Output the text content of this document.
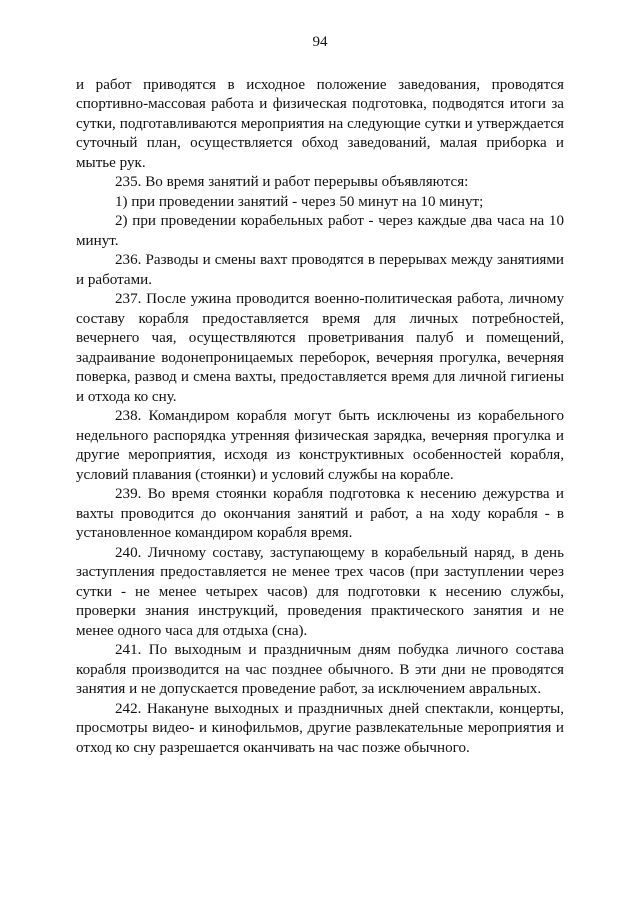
94

и работ приводятся в исходное положение заведования, проводятся спортивно-массовая работа и физическая подготовка, подводятся итоги за сутки, подготавливаются мероприятия на следующие сутки и утверждается суточный план, осуществляется обход заведований, малая приборка и мытье рук.

235. Во время занятий и работ перерывы объявляются:

1) при проведении занятий - через 50 минут на 10 минут;

2) при проведении корабельных работ - через каждые два часа на 10 минут.

236. Разводы и смены вахт проводятся в перерывах между занятиями и работами.

237. После ужина проводится военно-политическая работа, личному составу корабля предоставляется время для личных потребностей, вечернего чая, осуществляются проветривания палуб и помещений, задраивание водонепроницаемых переборок, вечерняя прогулка, вечерняя поверка, развод и смена вахты, предоставляется время для личной гигиены и отхода ко сну.

238. Командиром корабля могут быть исключены из корабельного недельного распорядка утренняя физическая зарядка, вечерняя прогулка и другие мероприятия, исходя из конструктивных особенностей корабля, условий плавания (стоянки) и условий службы на корабле.

239. Во время стоянки корабля подготовка к несению дежурства и вахты проводится до окончания занятий и работ, а на ходу корабля - в установленное командиром корабля время.

240. Личному составу, заступающему в корабельный наряд, в день заступления предоставляется не менее трех часов (при заступлении через сутки - не менее четырех часов) для подготовки к несению службы, проверки знания инструкций, проведения практического занятия и не менее одного часа для отдыха (сна).

241. По выходным и праздничным дням побудка личного состава корабля производится на час позднее обычного. В эти дни не проводятся занятия и не допускается проведение работ, за исключением авральных.

242. Накануне выходных и праздничных дней спектакли, концерты, просмотры видео- и кинофильмов, другие развлекательные мероприятия и отход ко сну разрешается оканчивать на час позже обычного.
